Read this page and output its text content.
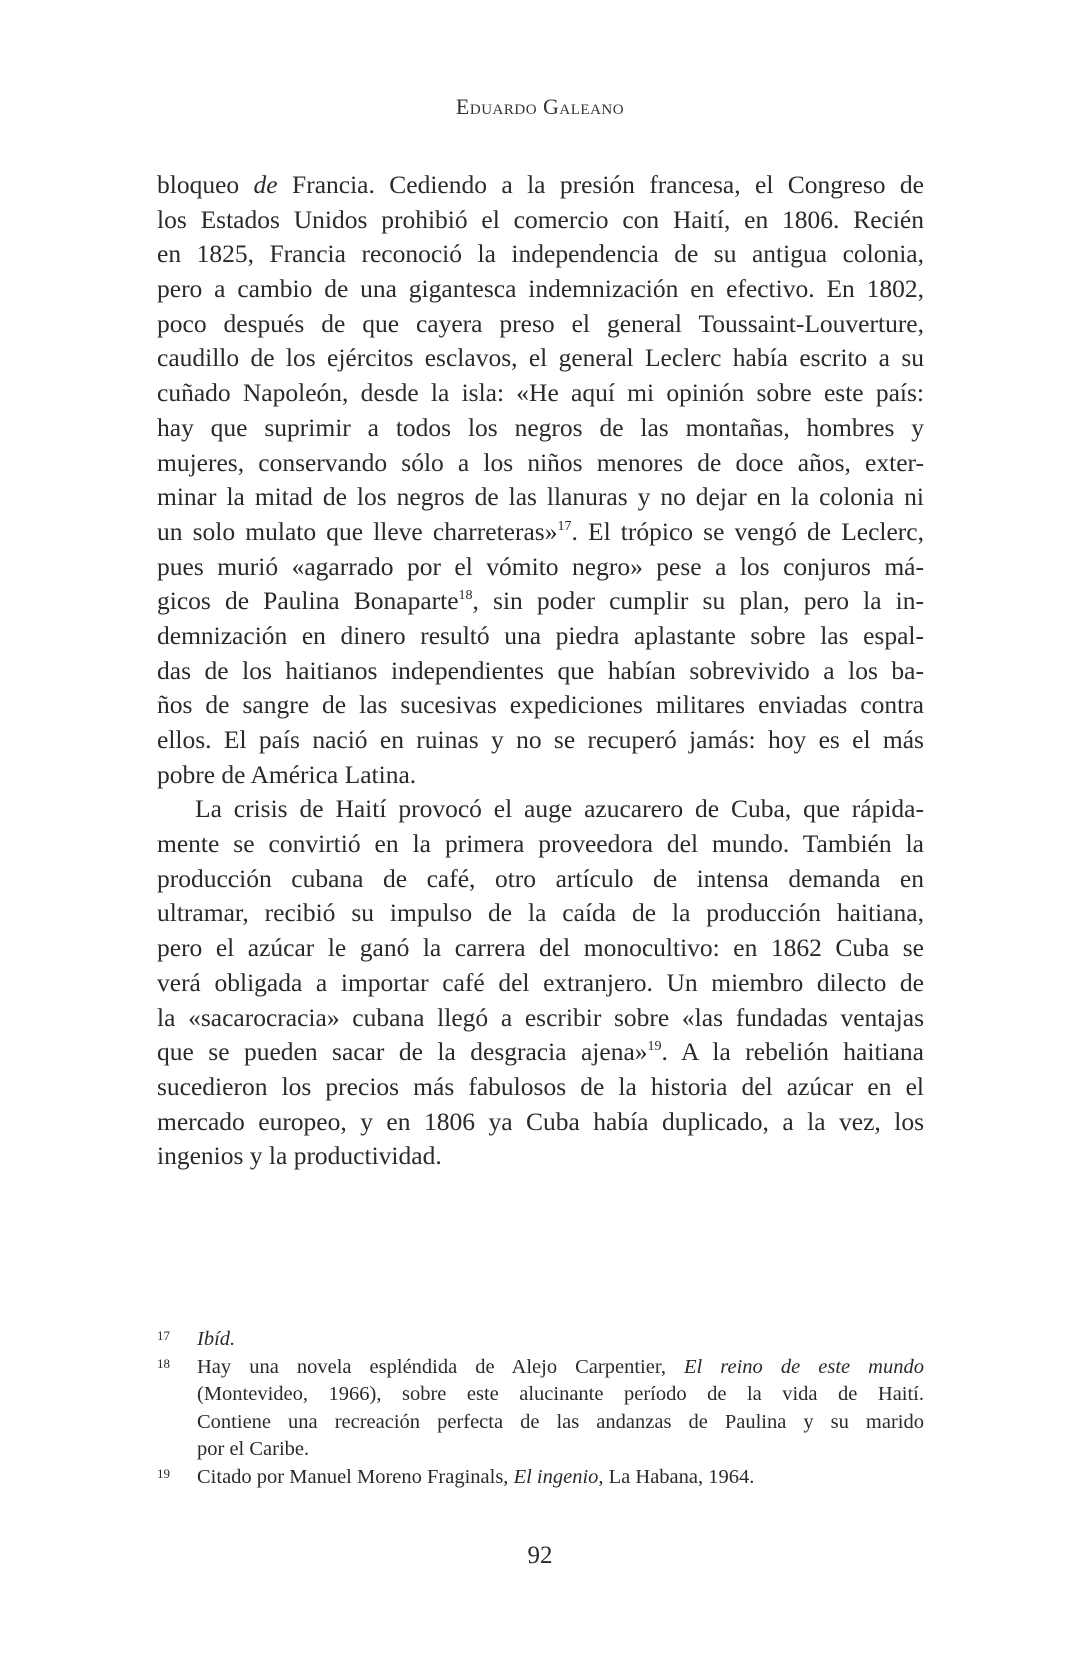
Eduardo Galeano
bloqueo de Francia. Cediendo a la presión francesa, el Congreso de
los Estados Unidos prohibió el comercio con Haití, en 1806. Recién
en 1825, Francia reconoció la independencia de su antigua colonia,
pero a cambio de una gigantesca indemnización en efectivo. En 1802,
poco después de que cayera preso el general Toussaint-Louverture,
caudillo de los ejércitos esclavos, el general Leclerc había escrito a su
cuñado Napoleón, desde la isla: «He aquí mi opinión sobre este país:
hay que suprimir a todos los negros de las montañas, hombres y
mujeres, conservando sólo a los niños menores de doce años, exter-
minar la mitad de los negros de las llanuras y no dejar en la colonia ni
un solo mulato que lleve charreteras»$^{17}$. El trópico se vengó de Leclerc,
pues murió «agarrado por el vómito negro» pese a los conjuros má-
gicos de Paulina Bonaparte$^{18}$, sin poder cumplir su plan, pero la in-
demnización en dinero resultó una piedra aplastante sobre las espal-
das de los haitianos independientes que habían sobrevivido a los ba-
ños de sangre de las sucesivas expediciones militares enviadas contra
ellos. El país nació en ruinas y no se recuperó jamás: hoy es el más
pobre de América Latina.
La crisis de Haití provocó el auge azucarero de Cuba, que rápida-
mente se convirtió en la primera proveedora del mundo. También la
producción cubana de café, otro artículo de intensa demanda en
ultramar, recibió su impulso de la caída de la producción haitiana,
pero el azúcar le ganó la carrera del monocultivo: en 1862 Cuba se
verá obligada a importar café del extranjero. Un miembro dilecto de
la «sacarocracia» cubana llegó a escribir sobre «las fundadas ventajas
que se pueden sacar de la desgracia ajena»$^{19}$. A la rebelión haitiana
sucedieron los precios más fabulosos de la historia del azúcar en el
mercado europeo, y en 1806 ya Cuba había duplicado, a la vez, los
ingenios y la productividad.
17 Ibíd.
18 Hay una novela espléndida de Alejo Carpentier, El reino de este mundo
(Montevideo, 1966), sobre este alucinante período de la vida de Haití.
Contiene una recreación perfecta de las andanzas de Paulina y su marido
por el Caribe.
19 Citado por Manuel Moreno Fraginals, El ingenio, La Habana, 1964.
92
